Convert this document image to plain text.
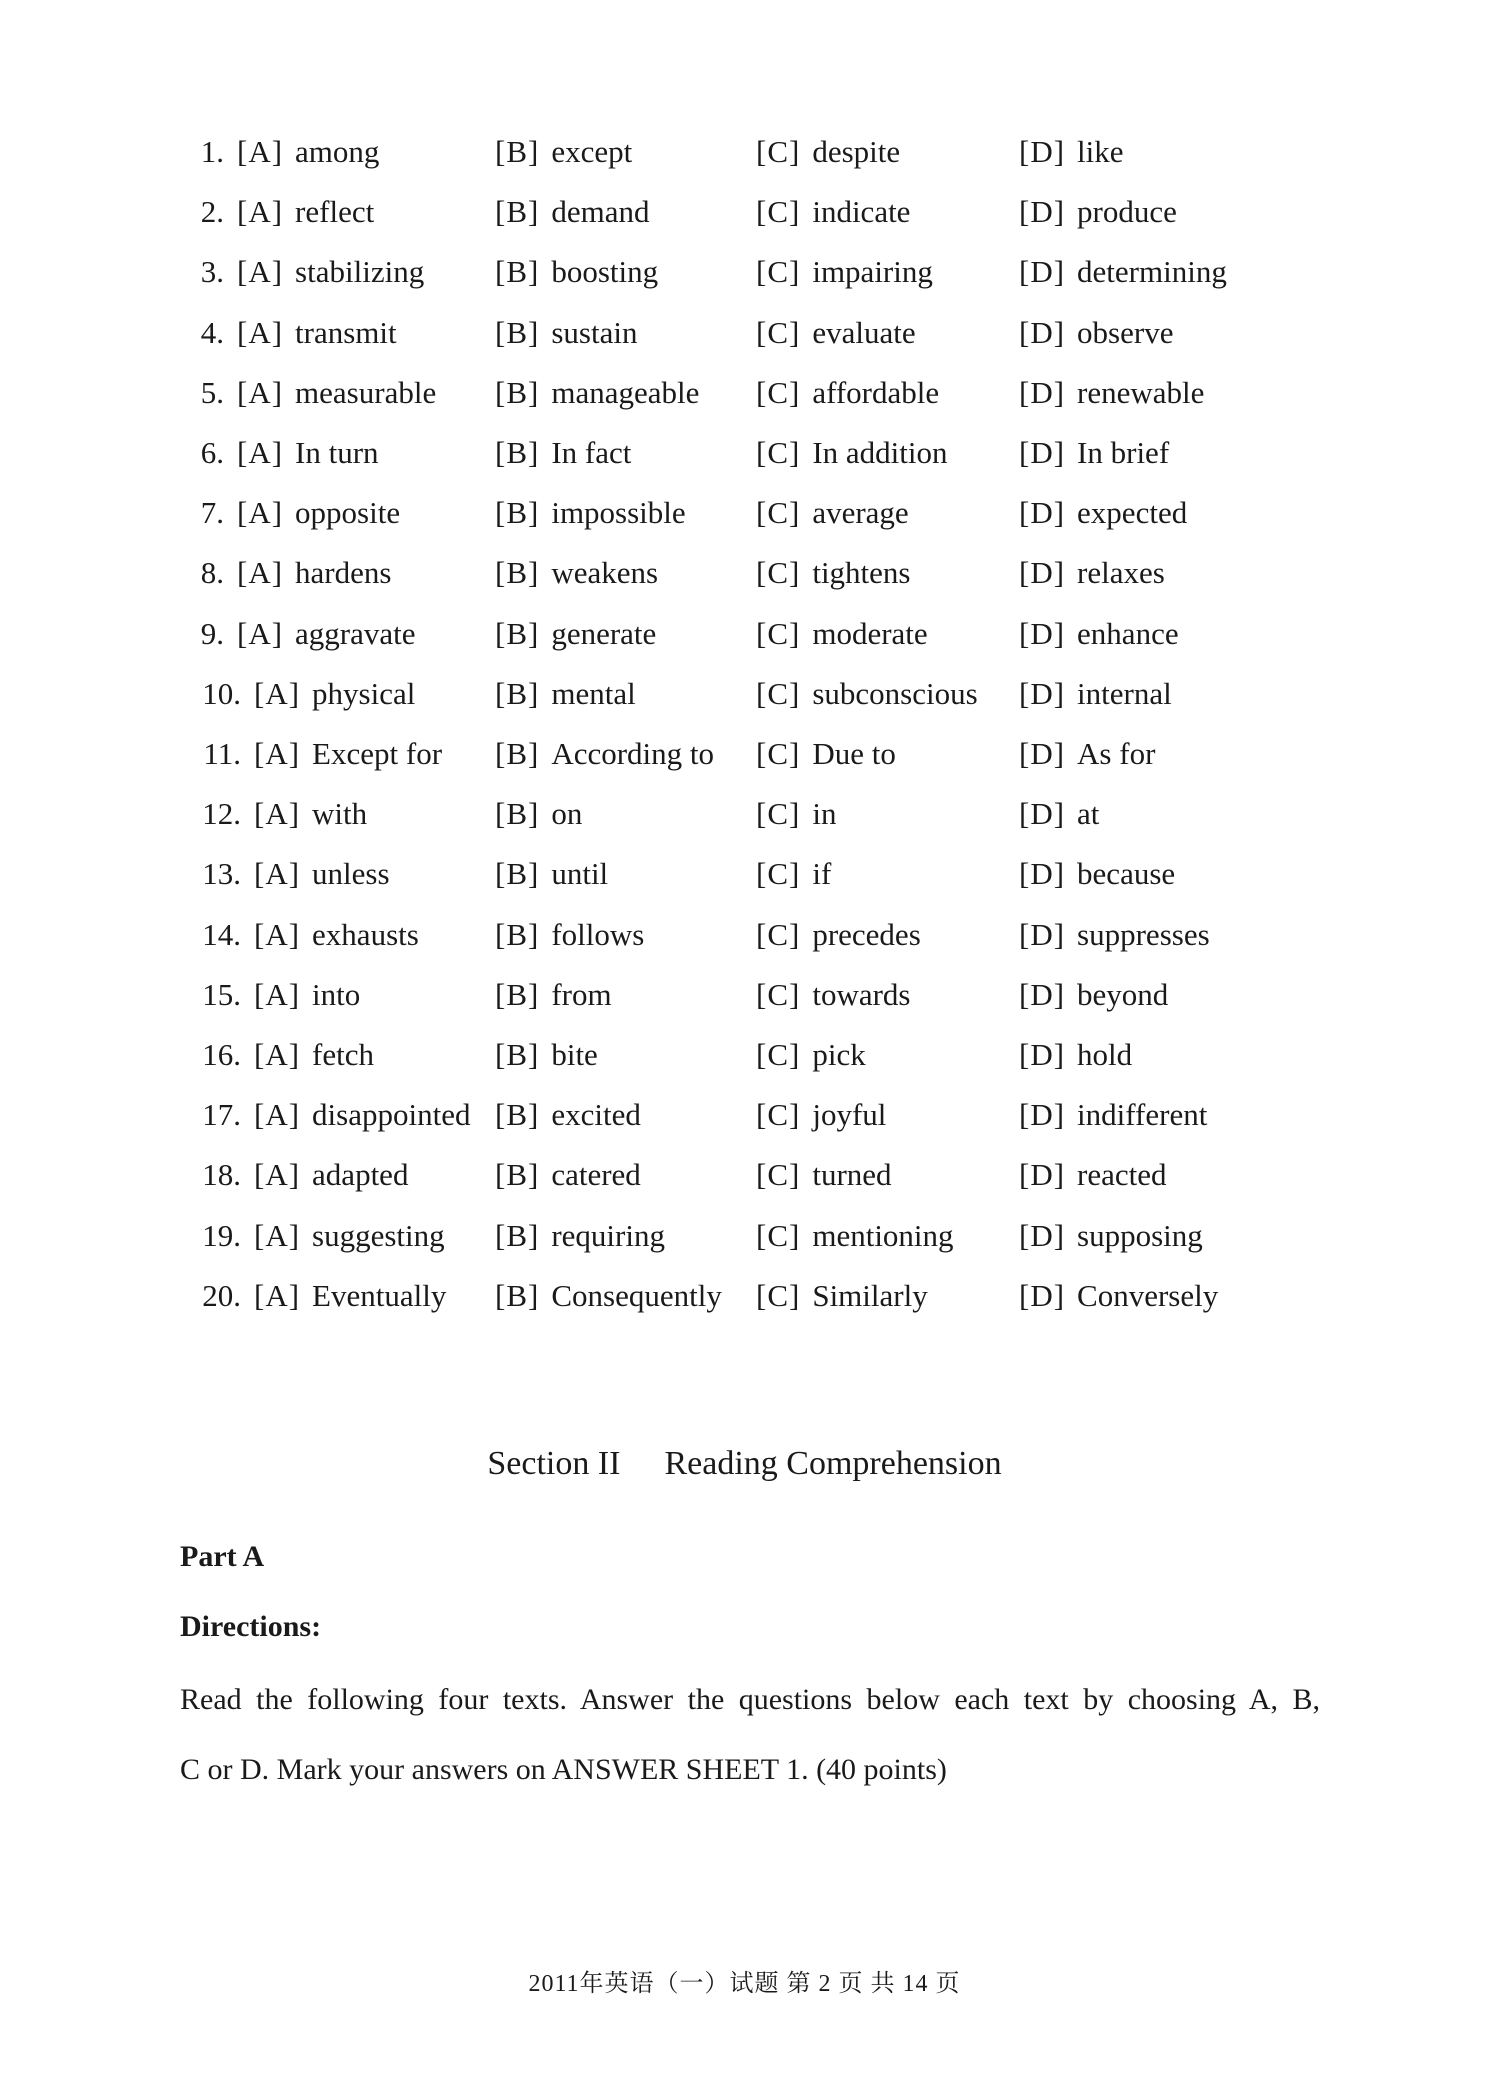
1. [A] among	[B] except	[C] despite	[D] like
2. [A] reflect	[B] demand	[C] indicate	[D] produce
3. [A] stabilizing [B] boosting	[C] impairing	[D] determining
4. [A] transmit	[B] sustain	[C] evaluate	[D] observe
5. [A] measurable [B] manageable [C] affordable	[D] renewable
6. [A] In turn	[B] In fact	[C] In addition [D] In brief
7. [A] opposite	[B] impossible [C] average	[D] expected
8. [A] hardens	[B] weakens	[C] tightens	[D] relaxes
9. [A] aggravate	[B] generate	[C] moderate	[D] enhance
10. [A] physical	[B] mental	[C] subconscious [D] internal
11. [A] Except for [B] According to [C] Due to	[D] As for
12. [A] with	[B] on	[C] in	[D] at
13. [A] unless	[B] until	[C] if	[D] because
14. [A] exhausts [B] follows	[C] precedes	[D] suppresses
15. [A] into	[B] from	[C] towards	[D] beyond
16. [A] fetch	[B] bite	[C] pick	[D] hold
17. [A] disappointed [B] excited	[C] joyful	[D] indifferent
18. [A] adapted	[B] catered	[C] turned	[D] reacted
19. [A] suggesting [B] requiring	[C] mentioning [D] supposing
20. [A] Eventually [B] Consequently [C] Similarly	[D] Conversely
Section II Reading Comprehension
Part A
Directions:
Read the following four texts. Answer the questions below each text by choosing A, B,
C or D. Mark your answers on ANSWER SHEET 1. (40 points)
2011年英语（一）试题 第 2 页 共 14 页
